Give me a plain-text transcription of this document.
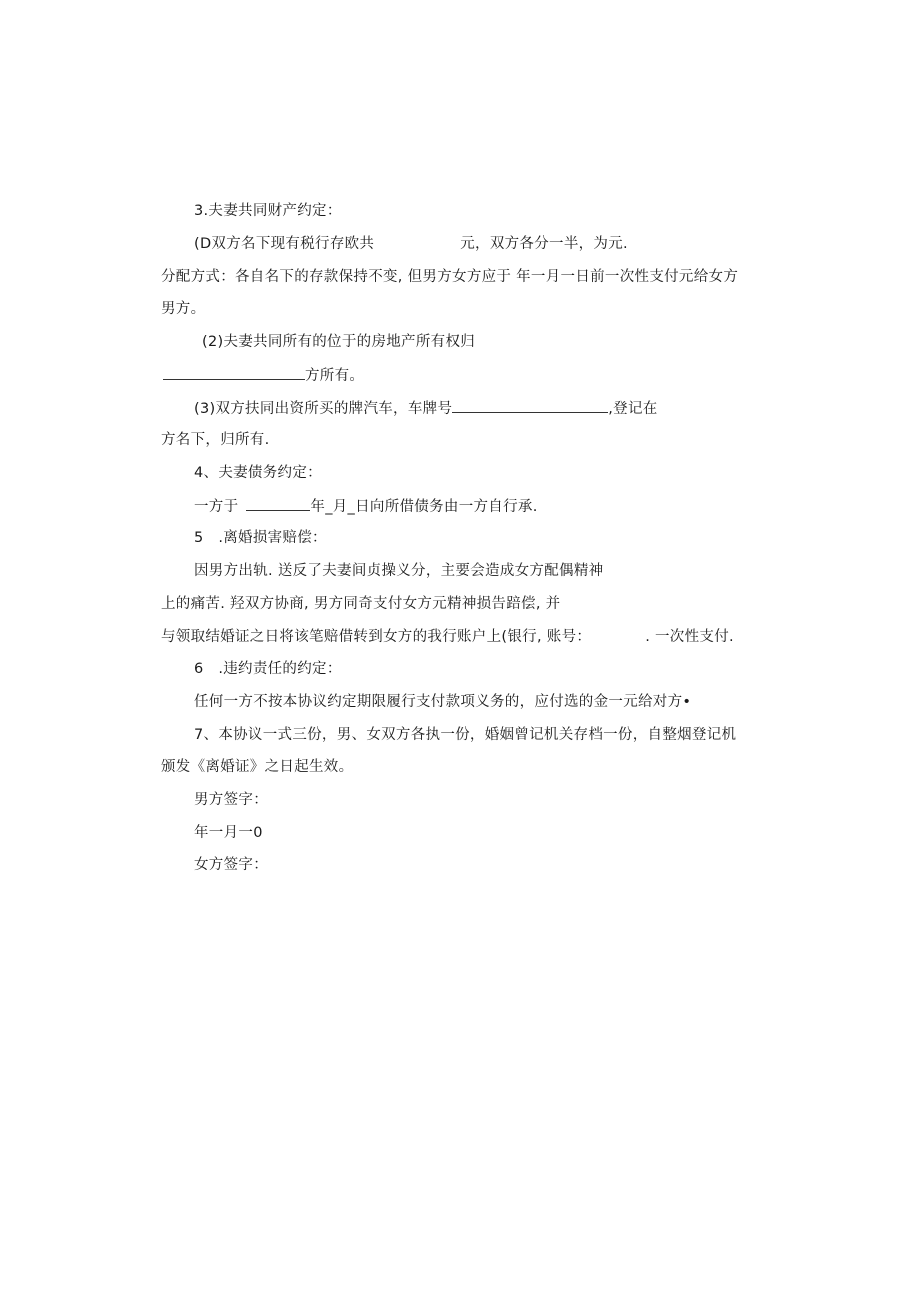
3.夫妻共同财产约定：
(D双方名下现有税行存欧共	元，双方各分一半，为元.
分配方式：各自名下的存款保持不变, 但男方女方应于 年一月一日前一次性支付元给女方
男方。
(2)夫妻共同所有的位于的房地产所有权归
方所有。
(3)双方扶同出资所买的牌汽车，车牌号	,登记在
方名下，归所有.
4、夫妻债务约定：
一方于	年_月_日向所借债务由一方自行承.
5　.离婚损害赔偿：
因男方出轨. 送反了夫妻间贞操义分，主要会造成女方配偶精神
上的痛苦. 羟双方协商, 男方同奇支付女方元精神损告踣偿, 并
与领取结婚证之日将该笔赔借转到女方的我行账户上(银行, 账号：	. 一次性支付.
6　.违约责任的约定：
任何一方不按本协议约定期限履行支付款项义务的，应付选的金一元给对方•
7、本协议一式三份，男、女双方各执一份，婚姻曾记机关存档一份，自整烟登记机
颁发《离婚证》之日起生效。
男方签字：
年一月一0
女方签字：
